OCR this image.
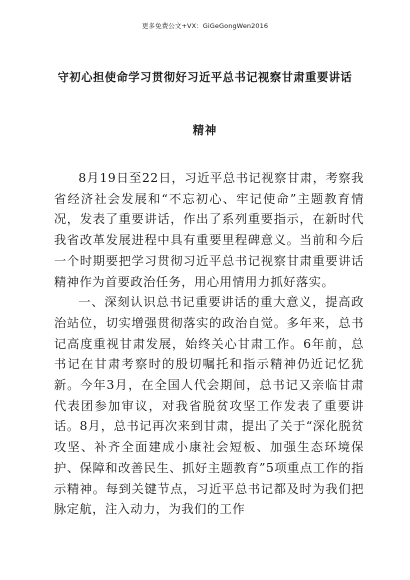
更多免费公文+VX：GiGeGongWen2016
守初心担使命学习贯彻好习近平总书记视察甘肃重要讲话
精神

8月19日至22日，习近平总书记视察甘肃，考察我省经济社会发展和“不忘初心、牢记使命”主题教育情况，发表了重要讲话，作出了系列重要指示，在新时代我省改革发展进程中具有重要里程碑意义。当前和今后一个时期要把学习贯彻习近平总书记视察甘肃重要讲话精神作为首要政治任务，用心用情用力抓好落实。

一、深刻认识总书记重要讲话的重大意义，提高政治站位，切实增强贯彻落实的政治自觉。多年来，总书记高度重视甘肃发展，始终关心甘肃工作。6年前，总书记在甘肃考察时的殷切嘱托和指示精神仍近记忆犹新。今年3月，在全国人代会期间，总书记又亲临甘肃代表团参加审议，对我省脱贫攻坚工作发表了重要讲话。8月，总书记再次来到甘肃，提出了关于“深化脱贫攻坚、补齐全面建成小康社会短板、加强生态环境保护、保障和改善民生、抓好主题教育”5项重点工作的指示精神。每到关键节点，习近平总书记都及时为我们把脉定航，注入动力，为我们的工作
